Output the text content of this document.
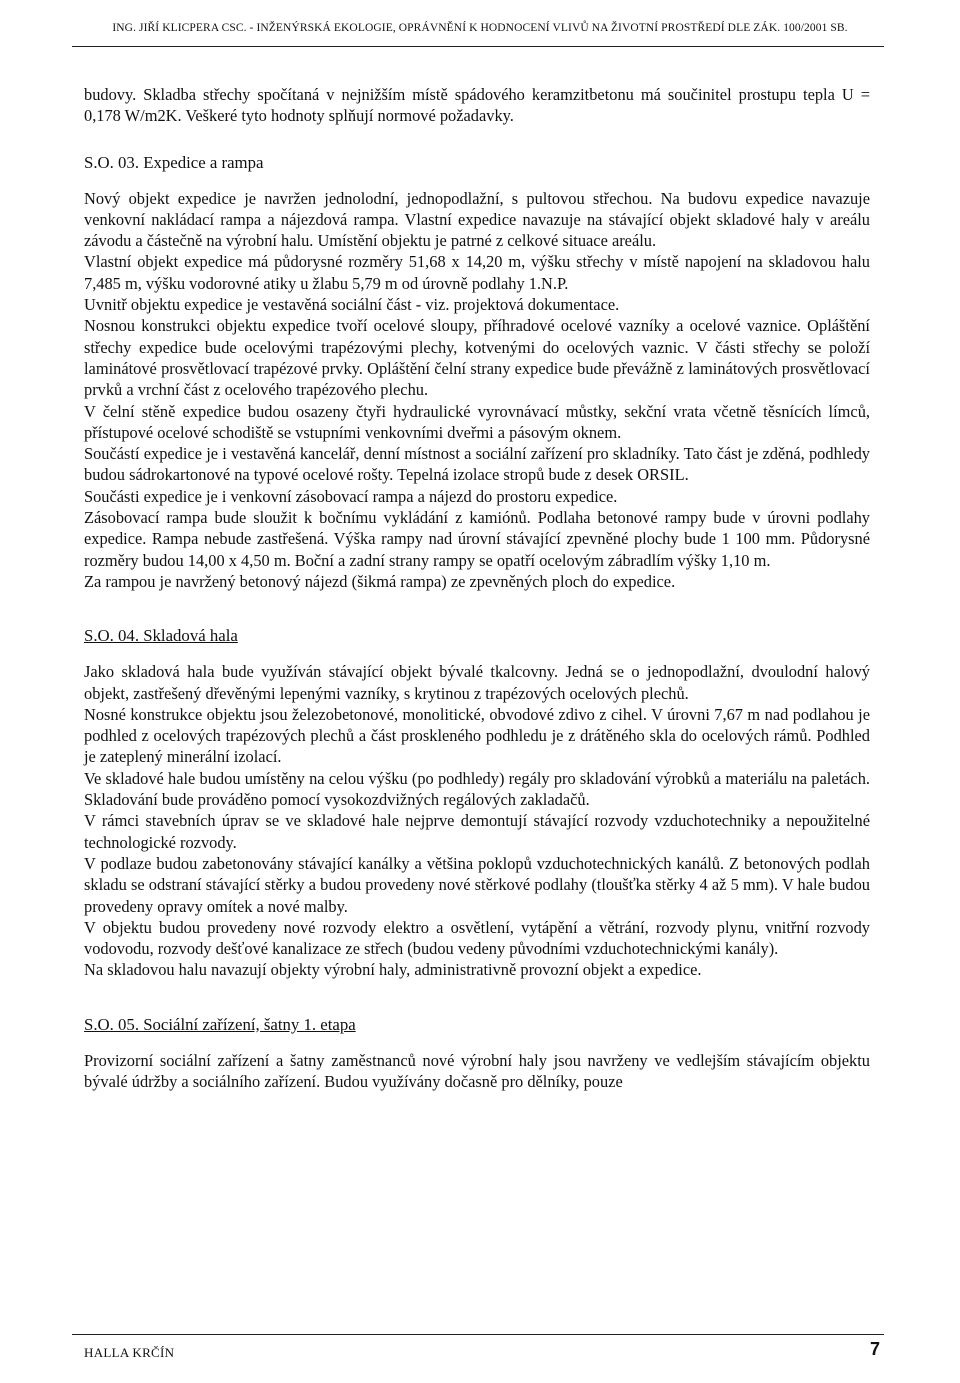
ING. JIŘÍ KLICPERA CSC. - INŽENÝRSKÁ EKOLOGIE, OPRÁVNĚNÍ K HODNOCENÍ VLIVŮ NA ŽIVOTNÍ PROSTŘEDÍ DLE ZÁK. 100/2001 SB.

budovy. Skladba střechy spočítaná v nejnižším místě spádového keramzitbetonu má součinitel prostupu tepla U = 0,178 W/m2K. Veškeré tyto hodnoty splňují normové požadavky.

S.O. 03. Expedice a rampa

Nový objekt expedice je navržen jednolodní, jednopodlažní, s pultovou střechou. Na budovu expedice navazuje venkovní nakládací rampa a nájezdová rampa. Vlastní expedice navazuje na stávající objekt skladové haly v areálu závodu a částečně na výrobní halu. Umístění objektu je patrné z celkové situace areálu.

Vlastní objekt expedice má půdorysné rozměry 51,68 x 14,20 m, výšku střechy v místě napojení na skladovou halu 7,485 m, výšku vodorovné atiky u žlabu 5,79 m od úrovně podlahy 1.N.P.

Uvnitř objektu expedice je vestavěná sociální část - viz. projektová dokumentace.

Nosnou konstrukci objektu expedice tvoří ocelové sloupy, příhradové ocelové vazníky a ocelové vaznice. Opláštění střechy expedice bude ocelovými trapézovými plechy, kotvenými do ocelových vaznic. V části střechy se položí laminátové prosvětlovací trapézové prvky. Opláštění čelní strany expedice bude převážně z laminátových prosvětlovací prvků a vrchní část z ocelového trapézového plechu.

V čelní stěně expedice budou osazeny čtyři hydraulické vyrovnávací můstky, sekční vrata včetně těsnících límců, přístupové ocelové schodiště se vstupními venkovními dveřmi a pásovým oknem.

Součástí expedice je i vestavěná kancelář, denní místnost a sociální zařízení pro skladníky. Tato část je zděná, podhledy budou sádrokartonové na typové ocelové rošty. Tepelná izolace stropů bude z desek ORSIL.

Součásti expedice je i venkovní zásobovací rampa a nájezd do prostoru expedice.

Zásobovací rampa bude sloužit k bočnímu vykládání z kamiónů. Podlaha betonové rampy bude v úrovni podlahy expedice. Rampa nebude zastřešená. Výška rampy nad úrovní stávající zpevněné plochy bude 1 100 mm. Půdorysné rozměry budou 14,00 x 4,50 m. Boční a zadní strany rampy se opatří ocelovým zábradlím výšky 1,10 m.

Za rampou je navržený betonový nájezd (šikmá rampa) ze zpevněných ploch do expedice.

S.O. 04. Skladová hala

Jako skladová hala bude využíván stávající objekt bývalé tkalcovny. Jedná se o jednopodlažní, dvoulodní halový objekt, zastřešený dřevěnými lepenými vazníky, s krytinou z trapézových ocelových plechů.

Nosné konstrukce objektu jsou železobetonové, monolitické, obvodové zdivo z cihel. V úrovni 7,67 m nad podlahou je podhled z ocelových trapézových plechů a část proskleného podhledu je z drátěného skla do ocelových rámů. Podhled je zateplený minerální izolací.

Ve skladové hale budou umístěny na celou výšku (po podhledy) regály pro skladování výrobků a materiálu na paletách. Skladování bude prováděno pomocí vysokozdvižných regálových zakladačů.

V rámci stavebních úprav se ve skladové hale nejprve demontují stávající rozvody vzduchotechniky a nepoužitelné technologické rozvody.

V podlaze budou zabetonovány stávající kanálky a většina poklopů vzduchotechnických kanálů. Z betonových podlah skladu se odstraní stávající stěrky a budou provedeny nové stěrkové podlahy (tloušťka stěrky 4 až 5 mm). V hale budou provedeny opravy omítek a nové malby.

V objektu budou provedeny nové rozvody elektro a osvětlení, vytápění a větrání, rozvody plynu, vnitřní rozvody vodovodu, rozvody dešťové kanalizace ze střech (budou vedeny původními vzduchotechnickými kanály).

Na skladovou halu navazují objekty výrobní haly, administrativně provozní objekt a expedice.

S.O. 05. Sociální zařízení, šatny 1. etapa

Provizorní sociální zařízení a šatny zaměstnanců nové výrobní haly jsou navrženy ve vedlejším stávajícím objektu bývalé údržby a sociálního zařízení. Budou využívány dočasně pro dělníky, pouze

HALLA KRČÍN	7
